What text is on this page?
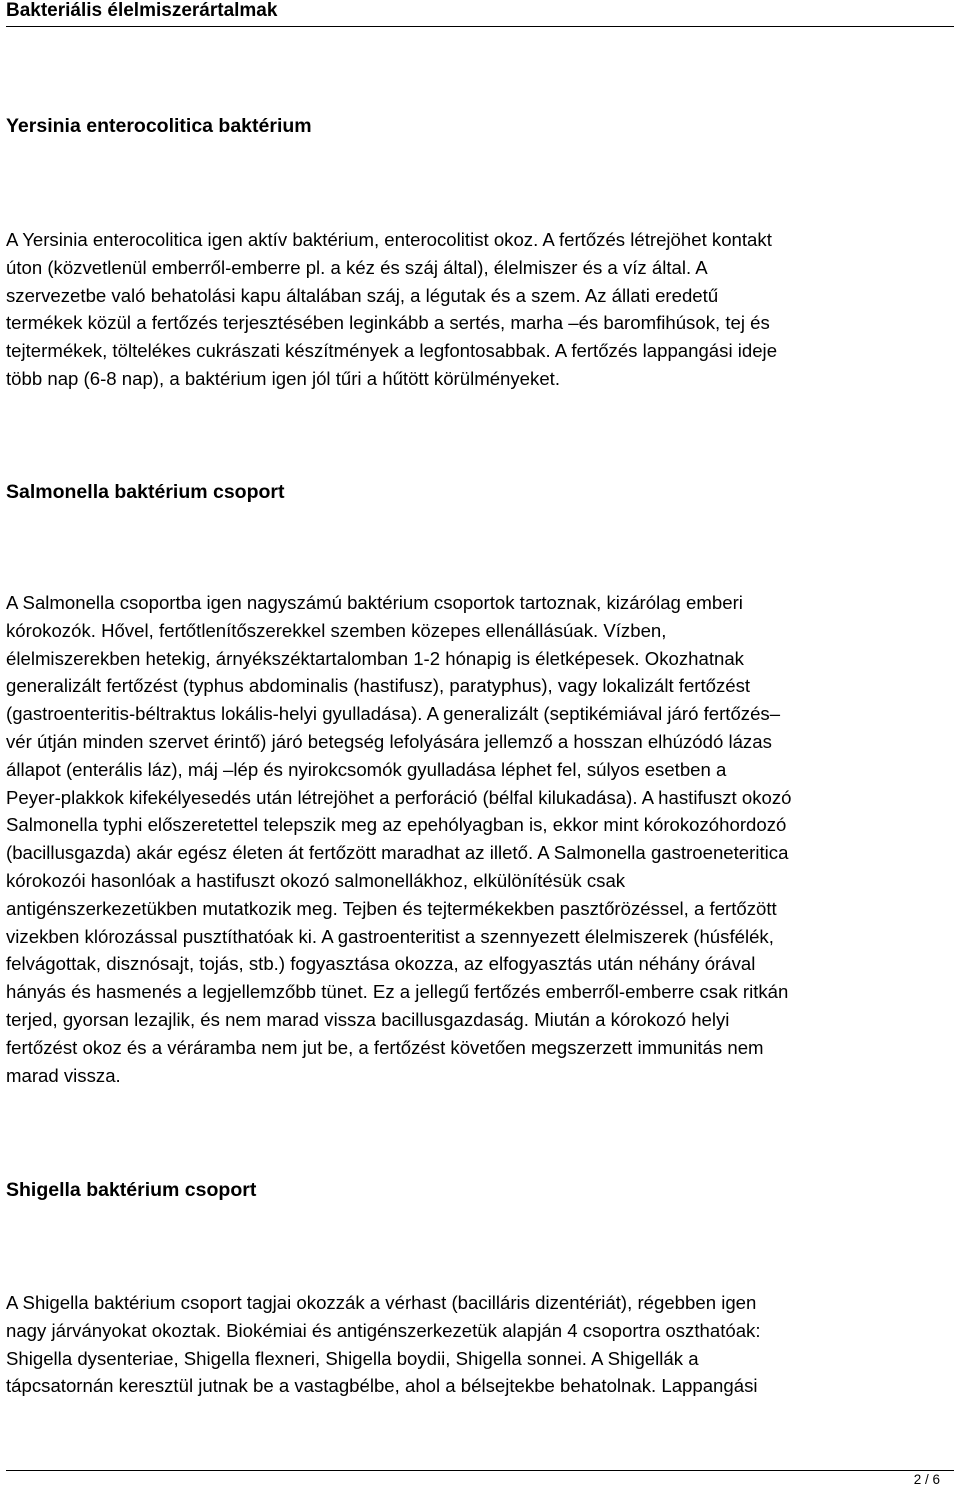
Bakteriális élelmiszerártalmak
Yersinia enterocolitica baktérium

A Yersinia enterocolitica igen aktív baktérium, enterocolitist okoz. A fertőzés létrejöhet kontakt
úton (közvetlenül emberről-emberre pl. a kéz és száj által), élelmiszer és a víz által. A
szervezetbe való behatolási kapu általában száj, a légutak és a szem. Az állati eredetű
termékek közül a fertőzés terjesztésében leginkább a sertés, marha –és baromfihúsok, tej és
tejtermékek, töltelékes cukrászati készítmények a legfontosabbak. A fertőzés lappangási ideje
több nap (6-8 nap), a baktérium igen jól tűri a hűtött körülményeket.

Salmonella baktérium csoport

A Salmonella csoportba igen nagyszámú baktérium csoportok tartoznak, kizárólag emberi
kórokozók. Hővel, fertőtlenítőszerekkel szemben közepes ellenállásúak. Vízben,
élelmiszerekben hetekig, árnyékszéktartalomban 1-2 hónapig is életképesek. Okozhatnak
generalizált fertőzést (typhus abdominalis (hastifusz), paratyphus), vagy lokalizált fertőzést
(gastroenteritis-béltraktus lokális-helyi gyulladása). A generalizált (septikémiával járó fertőzés–
vér útján minden szervet érintő) járó betegség lefolyására jellemző a hosszan elhúzódó lázas
állapot (enterális láz), máj –lép és nyirokcsomók gyulladása léphet fel, súlyos esetben a
Peyer-plakkok kifekélyesedés után létrejöhet a perforáció (bélfal kilukadása). A hastifuszt okozó
Salmonella typhi előszeretettel telepszik meg az epehólyagban is, ekkor mint kórokozóhordozó
(bacillusgazda) akár egész életen át fertőzött maradhat az illető. A Salmonella gastroeneteritica
kórokozói hasonlóak a hastifuszt okozó salmonellákhoz, elkülönítésük csak
antigénszerkezetükben mutatkozik meg. Tejben és tejtermékekben pasztőrözéssel, a fertőzött
vizekben klórozással pusztíthatóak ki. A gastroenteritist a szennyezett élelmiszerek (húsfélék,
felvágottak, disznósajt, tojás, stb.) fogyasztása okozza, az elfogyasztás után néhány órával
hányás és hasmenés a legjellemzőbb tünet. Ez a jellegű fertőzés emberről-emberre csak ritkán
terjed, gyorsan lezajlik, és nem marad vissza bacillusgazdaság. Miután a kórokozó helyi
fertőzést okoz és a véráramba nem jut be, a fertőzést követően megszerzett immunitás nem
marad vissza.

Shigella baktérium csoport

A Shigella baktérium csoport tagjai okozzák a vérhast (bacilláris dizentériát), régebben igen
nagy járványokat okoztak. Biokémiai és antigénszerkezetük alapján 4 csoportra oszthatóak:
Shigella dysenteriae, Shigella flexneri, Shigella boydii, Shigella sonnei. A Shigellák a
tápcsatornán keresztül jutnak be a vastagbélbe, ahol a bélsejtekbe behatolnak. Lappangási

2 / 6
